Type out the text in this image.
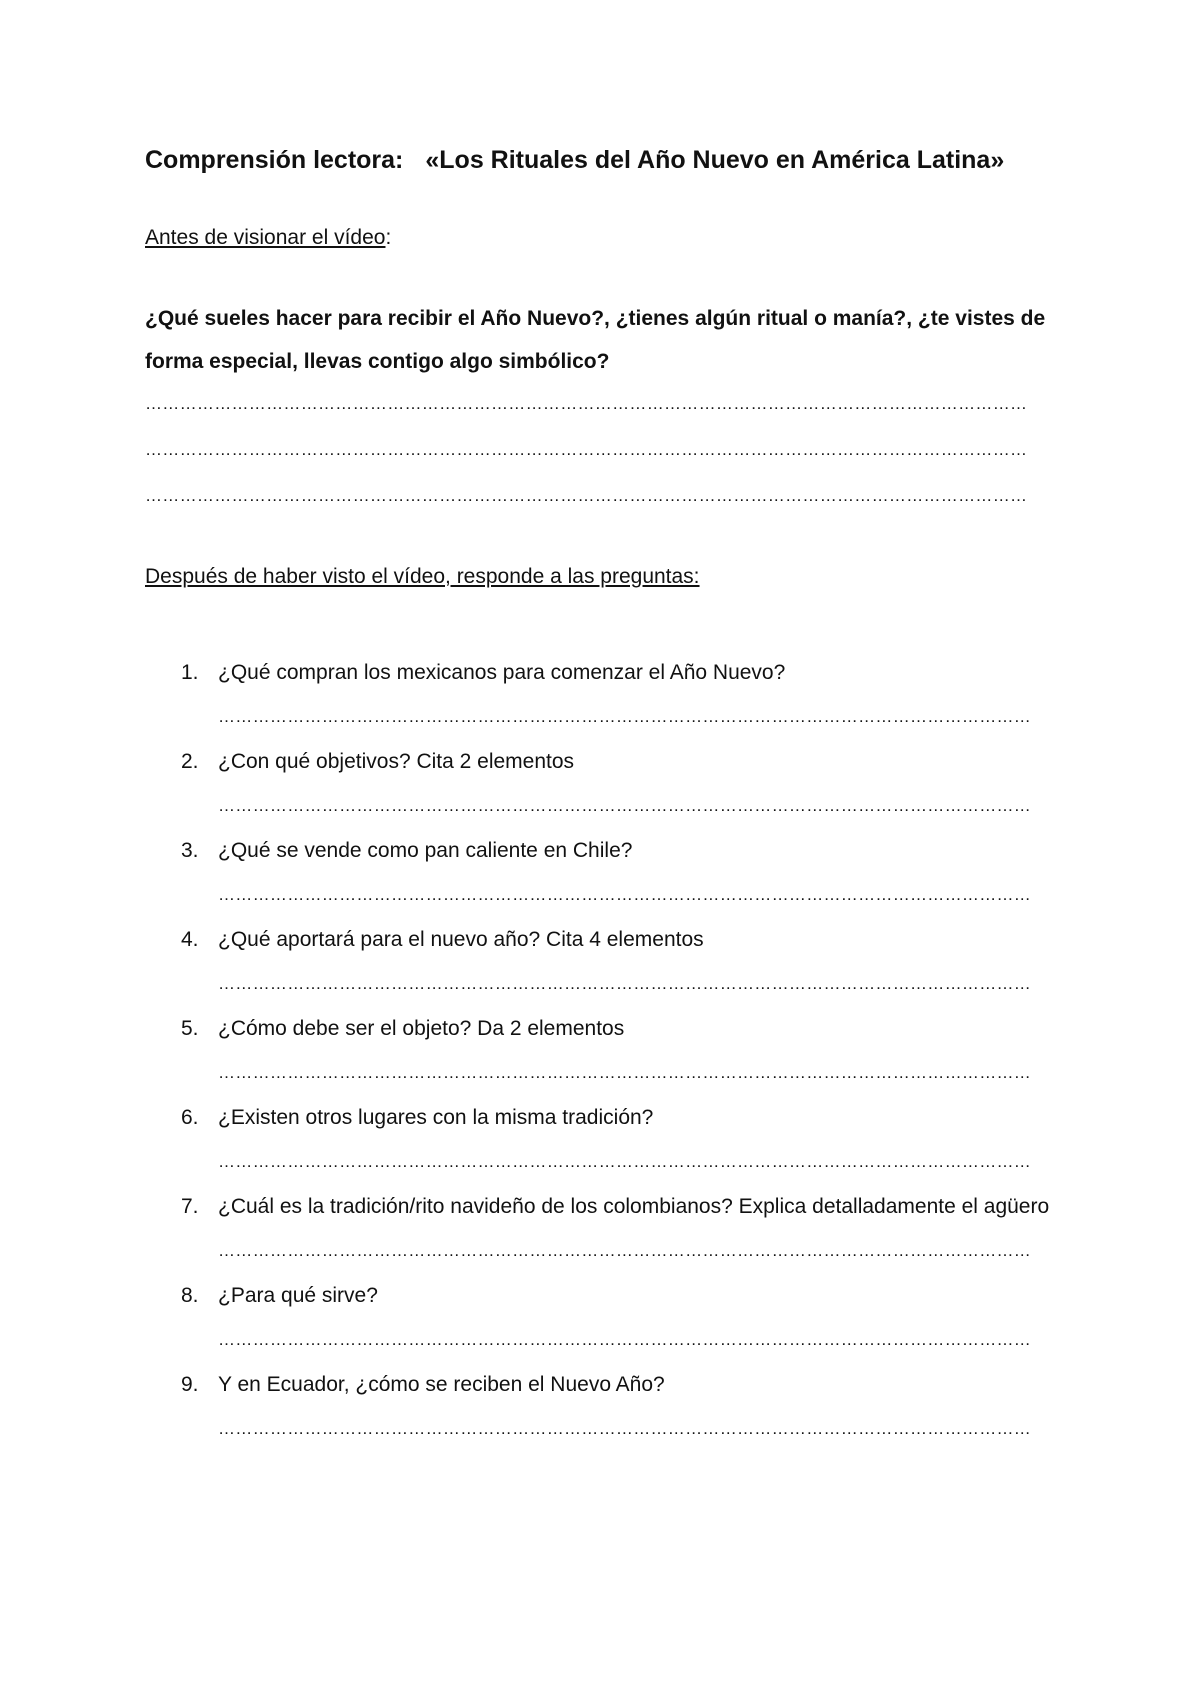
Comprensión lectora: «Los Rituales del Año Nuevo en América Latina»

Antes de visionar el vídeo:

¿Qué sueles hacer para recibir el Año Nuevo?, ¿tienes algún ritual o manía?, ¿te vistes de forma especial, llevas contigo algo simbólico?

………………………………………………………………………………………………………………………………………
………………………………………………………………………………………………………………………………………
………………………………………………………………………………………………………………………………………

Después de haber visto el vídeo, responde a las preguntas:

1. ¿Qué compran los mexicanos para comenzar el Año Nuevo?
……………………………………………………………………………………………………………………………
2. ¿Con qué objetivos? Cita 2 elementos
……………………………………………………………………………………………………………………………
3. ¿Qué se vende como pan caliente en Chile?
……………………………………………………………………………………………………………………………
4. ¿Qué aportará para el nuevo año? Cita 4 elementos
……………………………………………………………………………………………………………………………
5. ¿Cómo debe ser el objeto? Da 2 elementos
……………………………………………………………………………………………………………………………
6. ¿Existen otros lugares con la misma tradición?
……………………………………………………………………………………………………………………………
7. ¿Cuál es la tradición/rito navideño de los colombianos? Explica detalladamente el agüero
……………………………………………………………………………………………………………………………
8. ¿Para qué sirve?
……………………………………………………………………………………………………………………………
9. Y en Ecuador, ¿cómo se reciben el Nuevo Año?
……………………………………………………………………………………………………………………………
